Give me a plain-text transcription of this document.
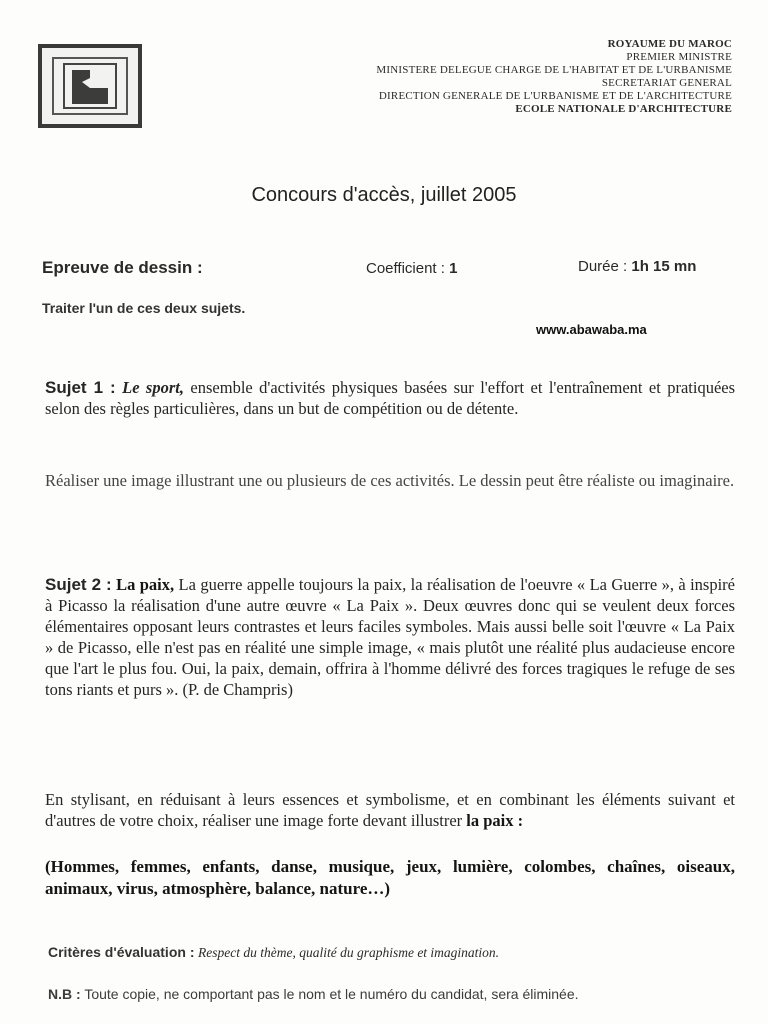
ROYAUME DU MAROC
PREMIER MINISTRE
MINISTERE DELEGUE CHARGE DE L'HABITAT ET DE L'URBANISME
SECRETARIAT GENERAL
DIRECTION GENERALE DE L'URBANISME ET DE L'ARCHITECTURE
ECOLE NATIONALE D'ARCHITECTURE
Concours d'accès, juillet 2005
Epreuve de dessin :	Coefficient : 1	Durée : 1h 15 mn
Traiter l'un de ces deux sujets.
www.abawaba.ma
Sujet 1 : Le sport, ensemble d'activités physiques basées sur l'effort et l'entraînement et pratiquées selon des règles particulières, dans un but de compétition ou de détente.
Réaliser une image illustrant une ou plusieurs de ces activités. Le dessin peut être réaliste ou imaginaire.
Sujet 2 : La paix, La guerre appelle toujours la paix, la réalisation de l'oeuvre « La Guerre », à inspiré à Picasso la réalisation d'une autre œuvre « La Paix ». Deux œuvres donc qui se veulent deux forces élémentaires opposant leurs contrastes et leurs faciles symboles. Mais aussi belle soit l'œuvre « La Paix » de Picasso, elle n'est pas en réalité une simple image, « mais plutôt une réalité plus audacieuse encore que l'art le plus fou. Oui, la paix, demain, offrira à l'homme délivré des forces tragiques le refuge de ses tons riants et purs ». (P. de Champris)
En stylisant, en réduisant à leurs essences et symbolisme, et en combinant les éléments suivant et d'autres de votre choix, réaliser une image forte devant illustrer la paix :
(Hommes, femmes, enfants, danse, musique, jeux, lumière, colombes, chaînes, oiseaux, animaux, virus, atmosphère, balance, nature…)
Critères d'évaluation : Respect du thème, qualité du graphisme et imagination.
N.B : Toute copie, ne comportant pas le nom et le numéro du candidat, sera éliminée.
